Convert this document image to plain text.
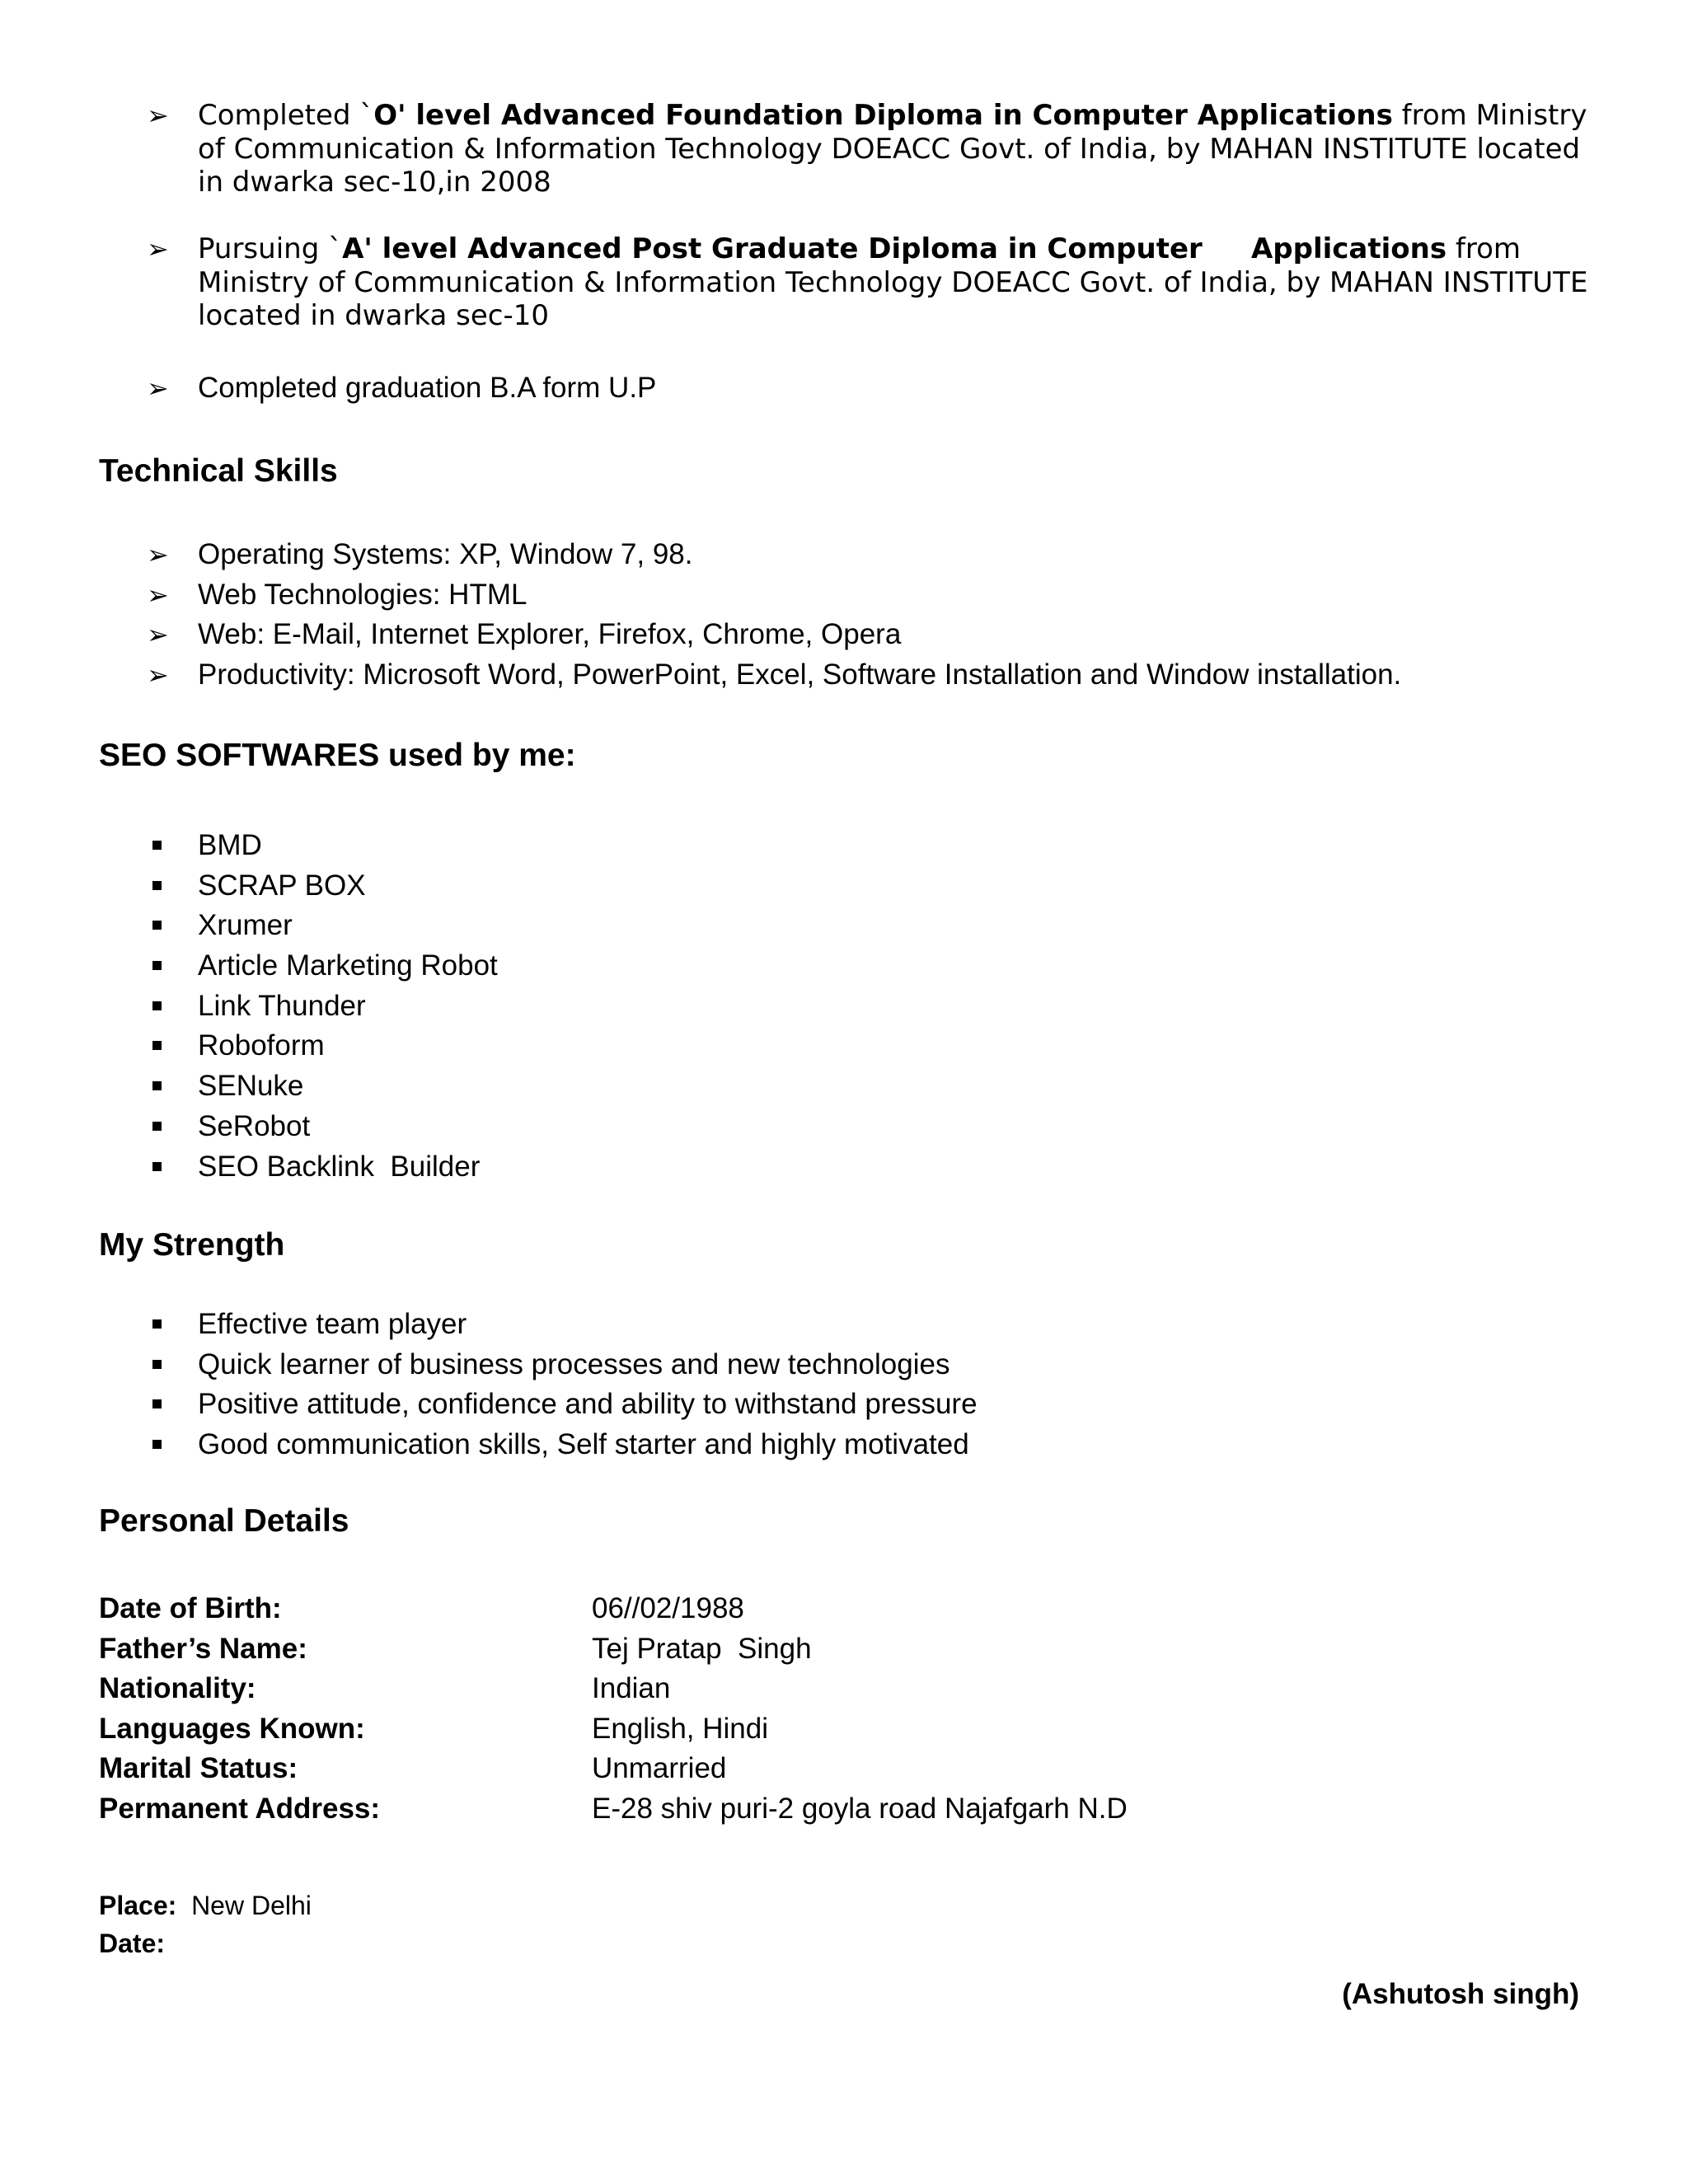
➢ Completed `O' level Advanced Foundation Diploma in Computer Applications from Ministry of Communication & Information Technology DOEACC Govt. of India, by MAHAN INSTITUTE located in dwarka sec-10,in 2008
➢ Pursuing `A' level Advanced Post Graduate Diploma in Computer     Applications from Ministry of Communication & Information Technology DOEACC Govt. of India, by MAHAN INSTITUTE located in dwarka sec-10
➢ Completed graduation B.A form U.P
Technical Skills
➢ Operating Systems: XP, Window 7, 98.
➢ Web Technologies: HTML
➢ Web: E-Mail, Internet Explorer, Firefox, Chrome, Opera
➢ Productivity: Microsoft Word, PowerPoint, Excel, Software Installation and Window installation.
SEO SOFTWARES used by me:
BMD
SCRAP BOX
Xrumer
Article Marketing Robot
Link Thunder
Roboform
SENuke
SeRobot
SEO Backlink  Builder
My Strength
Effective team player
Quick learner of business processes and new technologies
Positive attitude, confidence and ability to withstand pressure
Good communication skills, Self starter and highly motivated
Personal Details
Date of Birth:	06//02/1988
Father’s Name:	Tej Pratap  Singh
Nationality:	Indian
Languages Known:	English, Hindi
Marital Status:	Unmarried
Permanent Address:	E-28 shiv puri-2 goyla road Najafgarh N.D
Place: New Delhi
Date:
(Ashutosh singh)
